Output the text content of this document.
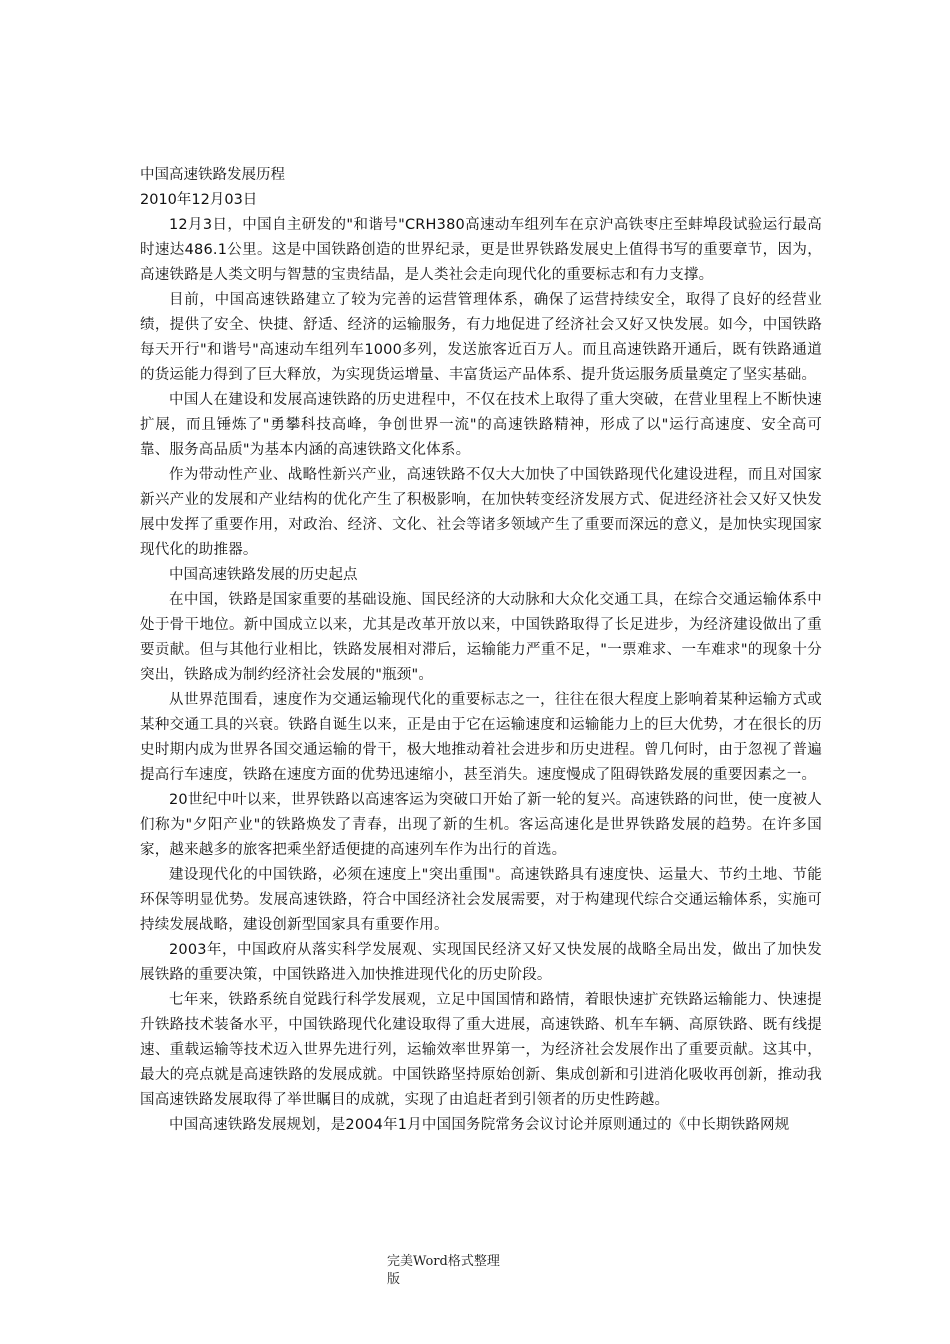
中国高速铁路发展历程

2010年12月03日

12月3日，中国自主研发的"和谐号"CRH380高速动车组列车在京沪高铁枣庄至蚌埠段试验运行最高时速达486.1公里。这是中国铁路创造的世界纪录，更是世界铁路发展史上值得书写的重要章节，因为，高速铁路是人类文明与智慧的宝贵结晶，是人类社会走向现代化的重要标志和有力支撑。

目前，中国高速铁路建立了较为完善的运营管理体系，确保了运营持续安全，取得了良好的经营业绩，提供了安全、快捷、舒适、经济的运输服务，有力地促进了经济社会又好又快发展。如今，中国铁路每天开行"和谐号"高速动车组列车1000多列，发送旅客近百万人。而且高速铁路开通后，既有铁路通道的货运能力得到了巨大释放，为实现货运增量、丰富货运产品体系、提升货运服务质量奠定了坚实基础。

中国人在建设和发展高速铁路的历史进程中，不仅在技术上取得了重大突破，在营业里程上不断快速扩展，而且锤炼了"勇攀科技高峰，争创世界一流"的高速铁路精神，形成了以"运行高速度、安全高可靠、服务高品质"为基本内涵的高速铁路文化体系。

作为带动性产业、战略性新兴产业，高速铁路不仅大大加快了中国铁路现代化建设进程，而且对国家新兴产业的发展和产业结构的优化产生了积极影响，在加快转变经济发展方式、促进经济社会又好又快发展中发挥了重要作用，对政治、经济、文化、社会等诸多领域产生了重要而深远的意义，是加快实现国家现代化的助推器。

中国高速铁路发展的历史起点

在中国，铁路是国家重要的基础设施、国民经济的大动脉和大众化交通工具，在综合交通运输体系中处于骨干地位。新中国成立以来，尤其是改革开放以来，中国铁路取得了长足进步，为经济建设做出了重要贡献。但与其他行业相比，铁路发展相对滞后，运输能力严重不足，"一票难求、一车难求"的现象十分突出，铁路成为制约经济社会发展的"瓶颈"。

从世界范围看，速度作为交通运输现代化的重要标志之一，往往在很大程度上影响着某种运输方式或某种交通工具的兴衰。铁路自诞生以来，正是由于它在运输速度和运输能力上的巨大优势，才在很长的历史时期内成为世界各国交通运输的骨干，极大地推动着社会进步和历史进程。曾几何时，由于忽视了普遍提高行车速度，铁路在速度方面的优势迅速缩小，甚至消失。速度慢成了阻碍铁路发展的重要因素之一。

20世纪中叶以来，世界铁路以高速客运为突破口开始了新一轮的复兴。高速铁路的问世，使一度被人们称为"夕阳产业"的铁路焕发了青春，出现了新的生机。客运高速化是世界铁路发展的趋势。在许多国家，越来越多的旅客把乘坐舒适便捷的高速列车作为出行的首选。

建设现代化的中国铁路，必须在速度上"突出重围"。高速铁路具有速度快、运量大、节约土地、节能环保等明显优势。发展高速铁路，符合中国经济社会发展需要，对于构建现代综合交通运输体系，实施可持续发展战略，建设创新型国家具有重要作用。

2003年，中国政府从落实科学发展观、实现国民经济又好又快发展的战略全局出发，做出了加快发展铁路的重要决策，中国铁路进入加快推进现代化的历史阶段。

七年来，铁路系统自觉践行科学发展观，立足中国国情和路情，着眼快速扩充铁路运输能力、快速提升铁路技术装备水平，中国铁路现代化建设取得了重大进展，高速铁路、机车车辆、高原铁路、既有线提速、重载运输等技术迈入世界先进行列，运输效率世界第一，为经济社会发展作出了重要贡献。这其中，最大的亮点就是高速铁路的发展成就。中国铁路坚持原始创新、集成创新和引进消化吸收再创新，推动我国高速铁路发展取得了举世瞩目的成就，实现了由追赶者到引领者的历史性跨越。

中国高速铁路发展规划，是2004年1月中国国务院常务会议讨论并原则通过的《中长期铁路网规

完美Word格式整理
版
